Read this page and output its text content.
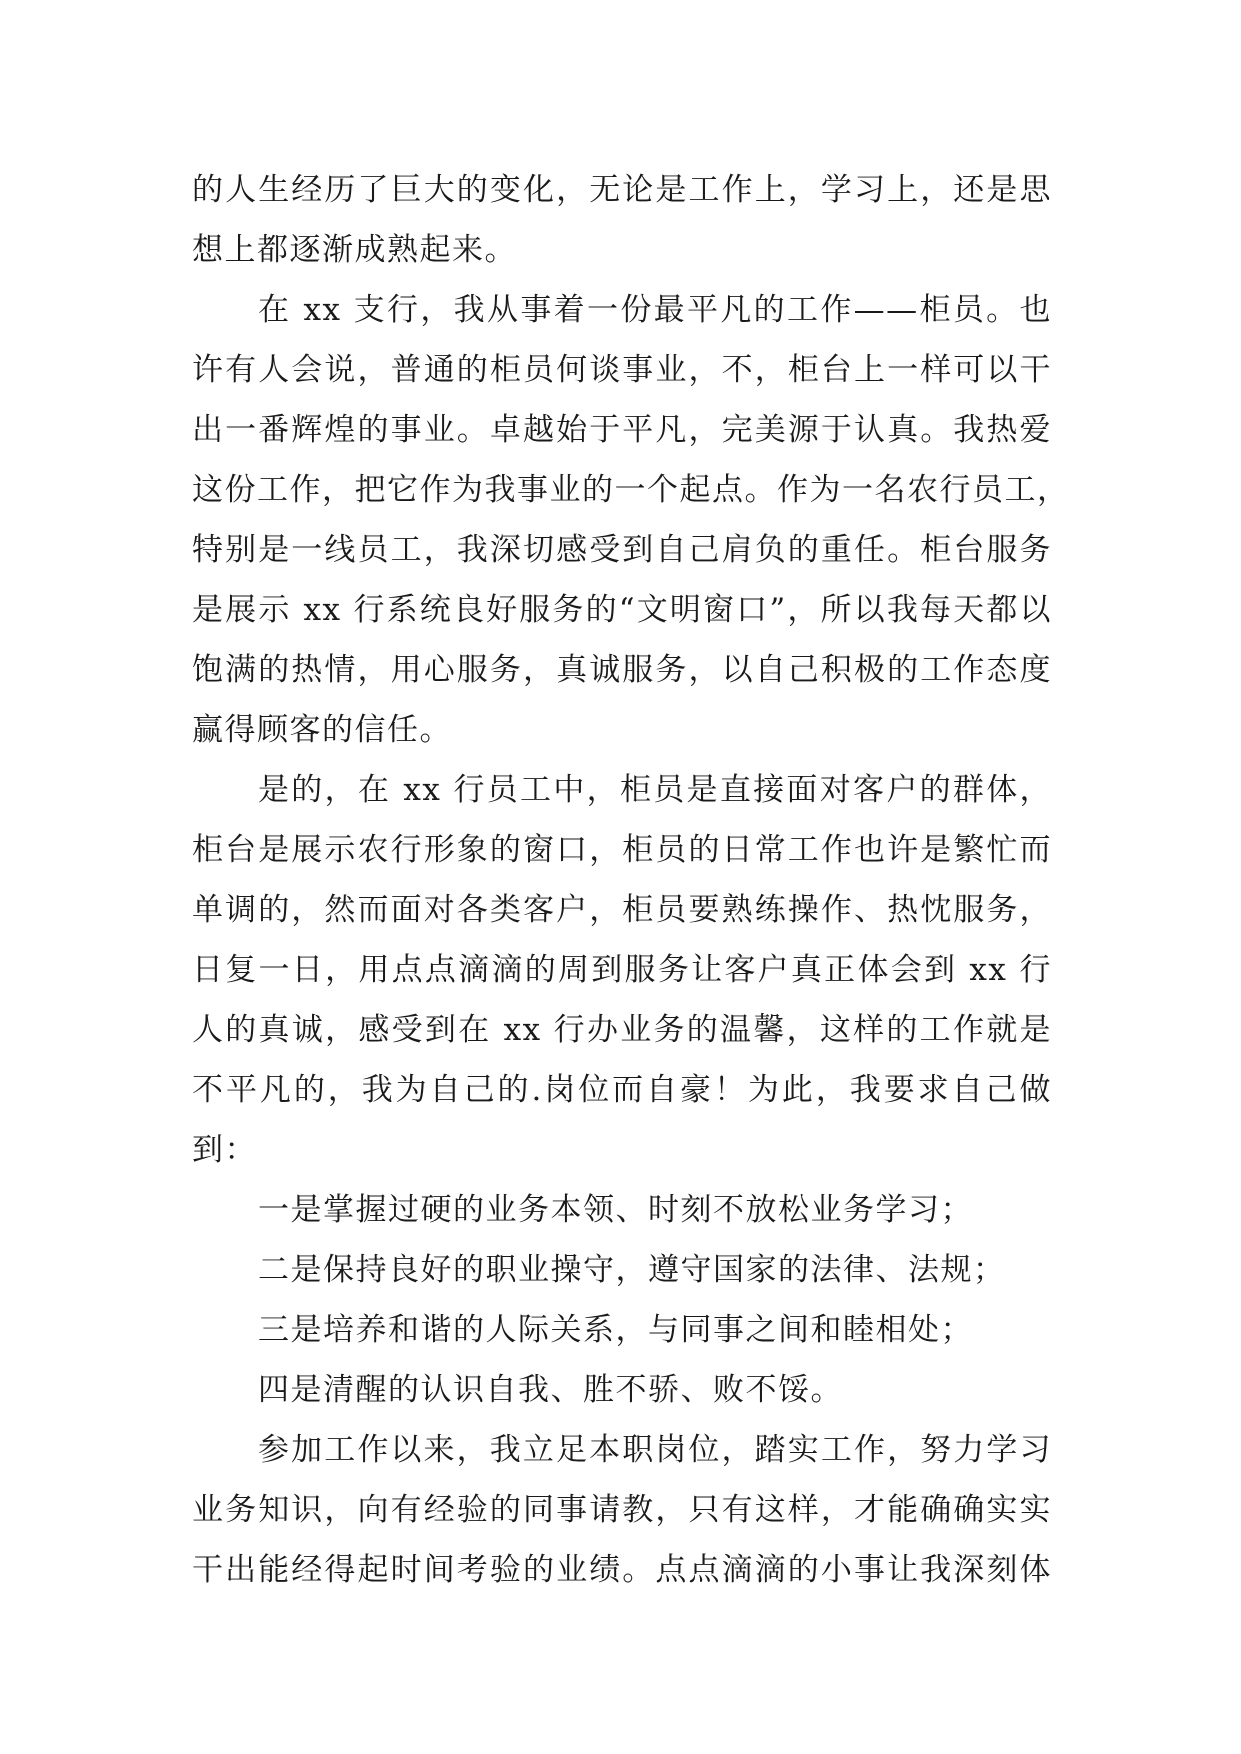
的人生经历了巨大的变化，无论是工作上，学习上，还是思
想上都逐渐成熟起来。
在 xx 支行，我从事着一份最平凡的工作——柜员。也
许有人会说，普通的柜员何谈事业，不，柜台上一样可以干
出一番辉煌的事业。卓越始于平凡，完美源于认真。我热爱
这份工作，把它作为我事业的一个起点。作为一名农行员工，
特别是一线员工，我深切感受到自己肩负的重任。柜台服务
是展示 xx 行系统良好服务的“文明窗口”，所以我每天都以
饱满的热情，用心服务，真诚服务，以自己积极的工作态度
赢得顾客的信任。
是的，在 xx 行员工中，柜员是直接面对客户的群体，
柜台是展示农行形象的窗口，柜员的日常工作也许是繁忙而
单调的，然而面对各类客户，柜员要熟练操作、热忱服务，
日复一日，用点点滴滴的周到服务让客户真正体会到 xx 行
人的真诚，感受到在 xx 行办业务的温馨，这样的工作就是
不平凡的，我为自己的.岗位而自豪！为此，我要求自己做
到：
一是掌握过硬的业务本领、时刻不放松业务学习；
二是保持良好的职业操守，遵守国家的法律、法规；
三是培养和谐的人际关系，与同事之间和睦相处；
四是清醒的认识自我、胜不骄、败不馁。
参加工作以来，我立足本职岗位，踏实工作，努力学习
业务知识，向有经验的同事请教，只有这样，才能确确实实
干出能经得起时间考验的业绩。点点滴滴的小事让我深刻体
